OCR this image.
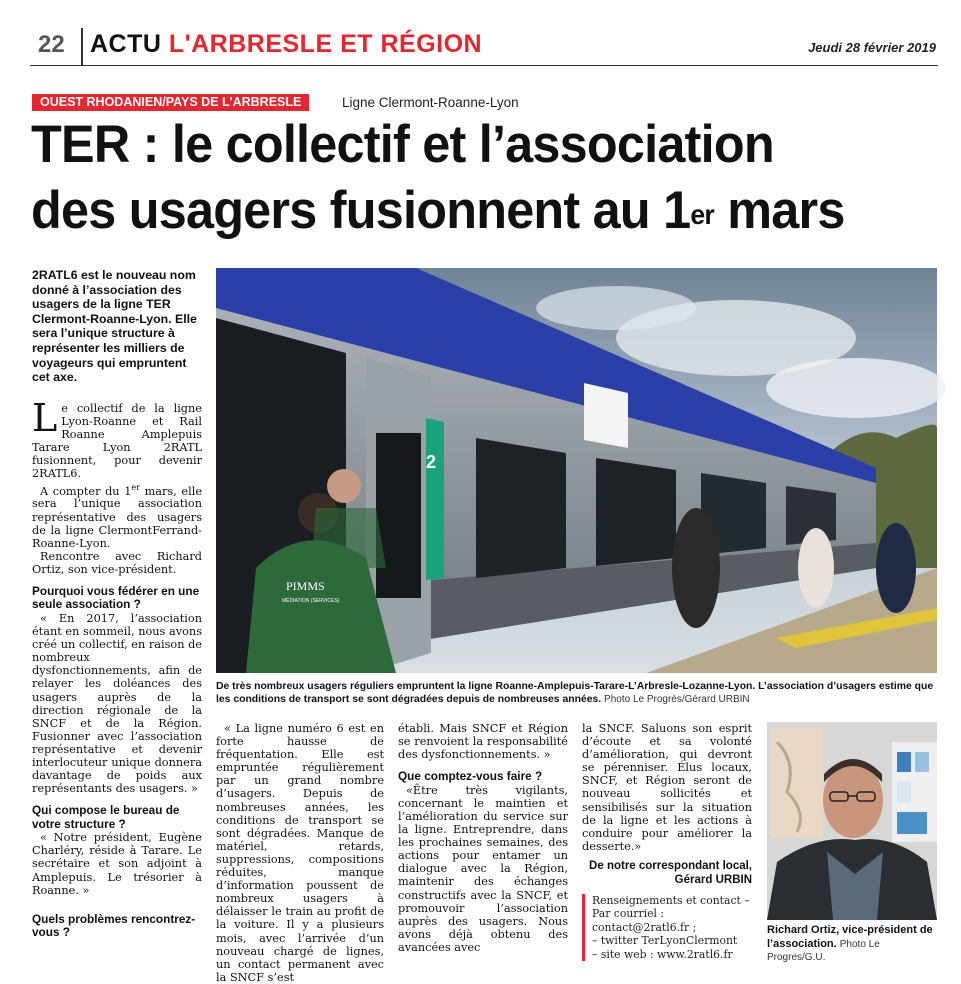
22 ACTU L'ARBRESLE ET RÉGION	Jeudi 28 février 2019
OUEST RHODANIEN/PAYS DE L'ARBRESLE	Ligne Clermont-Roanne-Lyon
TER : le collectif et l’association
des usagers fusionnent au 1er mars
2RATL6 est le nouveau nom donné à l’association des usagers de la ligne TER Clermont-Roanne-Lyon. Elle sera l’unique structure à représenter les milliers de voyageurs qui empruntent cet axe.

Le collectif de la ligne Lyon-Roanne et Rail Roanne Amplepuis Tarare Lyon 2RATL fusionnent, pour devenir 2RATL6.

A compter du 1er mars, elle sera l’unique association représentative des usagers de la ligne ClermontFerrand-Roanne-Lyon.

Rencontre avec Richard Ortiz, son vice-président.

Pourquoi vous fédérer en une seule association ?

« En 2017, l’association étant en sommeil, nous avons créé un collectif, en raison de nombreux dysfonctionnements, afin de relayer les doléances des usagers auprès de la direction régionale de la SNCF et de la Région. Fusionner avec l’association représentative et devenir interlocuteur unique donnera davantage de poids aux représentants des usagers. »

Qui compose le bureau de votre structure ?

« Notre président, Eugène Charléry, réside à Tarare. Le secrétaire et son adjoint à Amplepuis. Le trésorier à Roanne. »

Quels problèmes rencontrez-vous ?

« La ligne numéro 6 est en forte hausse de fréquentation. Elle est empruntée régulièrement par un grand nombre d’usagers. Depuis de nombreuses années, les conditions de transport se sont dégradées. Manque de matériel, retards, suppressions, compositions réduites, manque d’information poussent de nombreux usagers à délaisser le train au profit de la voiture. Il y a plusieurs mois, avec l’arrivée d’un nouveau chargé de lignes, un contact permanent avec la SNCF s’est

établi. Mais SNCF et Région se renvoient la responsabilité des dysfonctionnements. »

Que comptez-vous faire ?

«Être très vigilants, concernant le maintien et l’amélioration du service sur la ligne. Entreprendre, dans les prochaines semaines, des actions pour entamer un dialogue avec la Région, maintenir des échanges constructifs avec la SNCF, et promouvoir l’association auprès des usagers. Nous avons déjà obtenu des avancées avec

la SNCF. Saluons son esprit d’écoute et sa volonté d’amélioration, qui devront se pérenniser. Élus locaux, SNCF, et Région seront de nouveau sollicités et sensibilisés sur la situation de la ligne et les actions à conduire pour améliorer la desserte.»

De notre correspondant local,
Gérard URBIN
Renseignements et contact – Par courriel : contact@2ratl6.fr ;
– twitter TerLyonClermont
– site web : www.2ratl6.fr
2
PIMMS
MÉDIATION (SERVICES)
De très nombreux usagers réguliers empruntent la ligne Roanne-Amplepuis-Tarare-L’Arbresle-Lozanne-Lyon. L’association d’usagers estime que les conditions de transport se sont dégradées depuis de nombreuses années. Photo Le Progrès/Gérard URBIN
Richard Ortiz, vice-président de l’association. Photo Le Progres/G.U.
